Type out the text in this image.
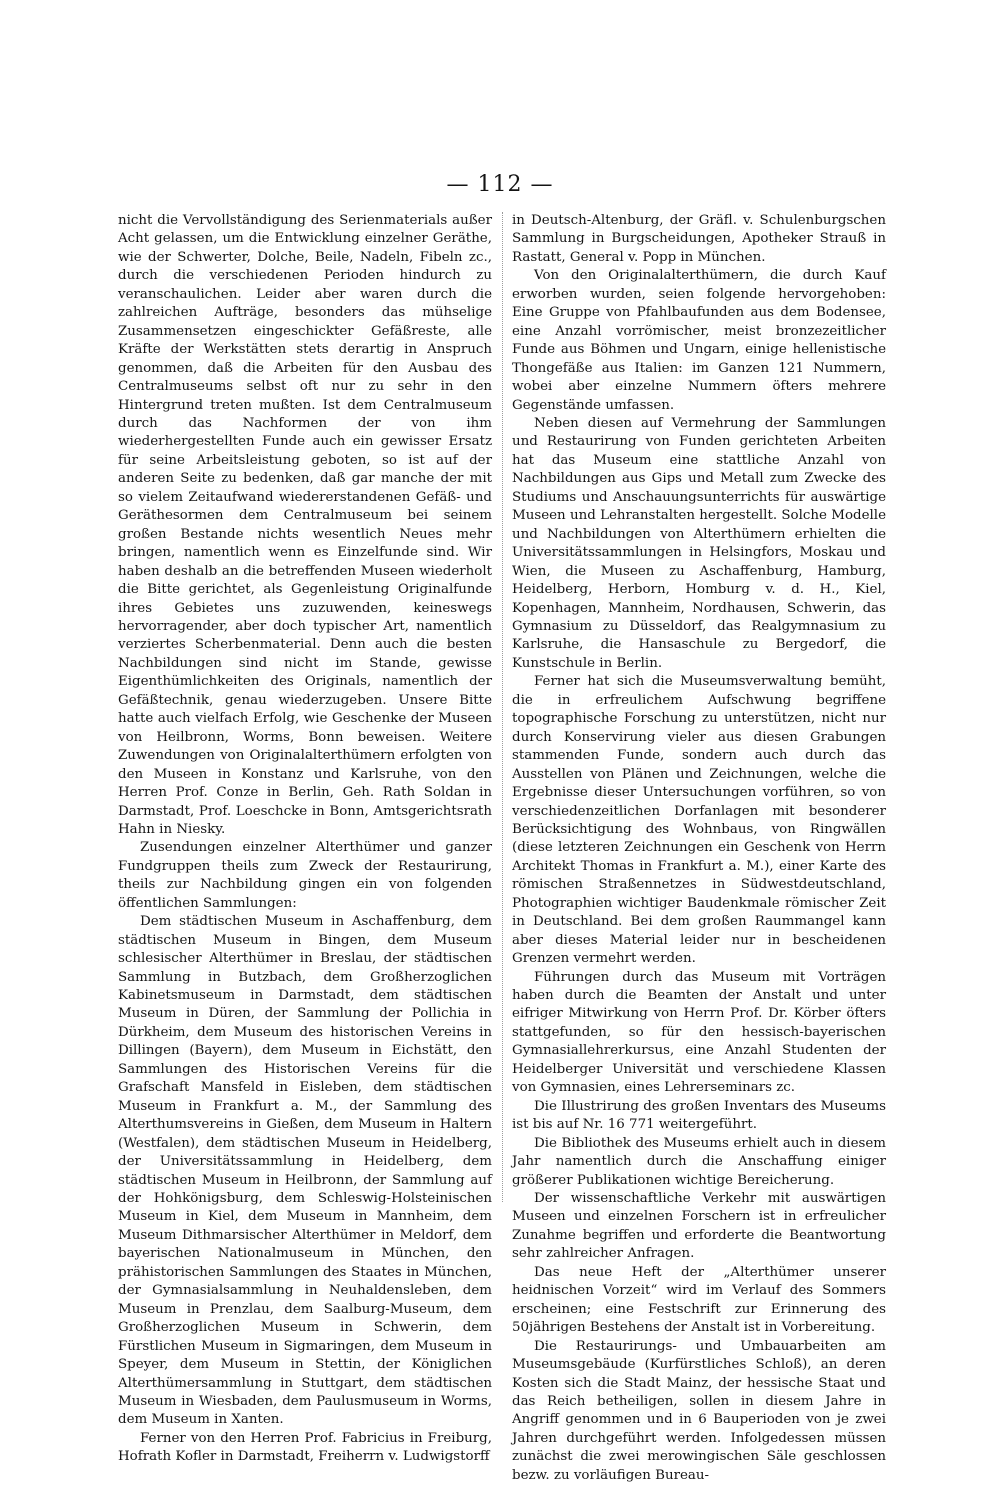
— 112 —

nicht die Vervollständigung des Serienmaterials außer Acht gelassen, um die Entwicklung einzelner Geräthe, wie der Schwerter, Dolche, Beile, Nadeln, Fibeln zc., durch die verschiedenen Perioden hindurch zu veranschaulichen. Leider aber waren durch die zahlreichen Aufträge, besonders das mühselige Zusammensetzen eingeschickter Gefäßreste, alle Kräfte der Werkstätten stets derartig in Anspruch genommen, daß die Arbeiten für den Ausbau des Centralmuseums selbst oft nur zu sehr in den Hintergrund treten mußten. Ist dem Centralmuseum durch das Nachformen der von ihm wiederhergestellten Funde auch ein gewisser Ersatz für seine Arbeitsleistung geboten, so ist auf der anderen Seite zu bedenken, daß gar manche der mit so vielem Zeitaufwand wiedererstandenen Gefäß- und Geräthesormen dem Centralmuseum bei seinem großen Bestande nichts wesentlich Neues mehr bringen, namentlich wenn es Einzelfunde sind. Wir haben deshalb an die betreffenden Museen wiederholt die Bitte gerichtet, als Gegenleistung Originalfunde ihres Gebietes uns zuzuwenden, keineswegs hervorragender, aber doch typischer Art, namentlich verziertes Scherbenmaterial. Denn auch die besten Nachbildungen sind nicht im Stande, gewisse Eigenthümlichkeiten des Originals, namentlich der Gefäßtechnik, genau wiederzugeben. Unsere Bitte hatte auch vielfach Erfolg, wie Geschenke der Museen von Heilbronn, Worms, Bonn beweisen. Weitere Zuwendungen von Originalalterthümern erfolgten von den Museen in Konstanz und Karlsruhe, von den Herren Prof. Conze in Berlin, Geh. Rath Soldan in Darmstadt, Prof. Loeschcke in Bonn, Amtsgerichtsrath Hahn in Niesky.

Zusendungen einzelner Alterthümer und ganzer Fundgruppen theils zum Zweck der Restaurirung, theils zur Nachbildung gingen ein von folgenden öffentlichen Sammlungen:

Dem städtischen Museum in Aschaffenburg, dem städtischen Museum in Bingen, dem Museum schlesischer Alterthümer in Breslau, der städtischen Sammlung in Butzbach, dem Großherzoglichen Kabinetsmuseum in Darmstadt, dem städtischen Museum in Düren, der Sammlung der Pollichia in Dürkheim, dem Museum des historischen Vereins in Dillingen (Bayern), dem Museum in Eichstätt, den Sammlungen des Historischen Vereins für die Grafschaft Mansfeld in Eisleben, dem städtischen Museum in Frankfurt a. M., der Sammlung des Alterthumsvereins in Gießen, dem Museum in Haltern (Westfalen), dem städtischen Museum in Heidelberg, der Universitätssammlung in Heidelberg, dem städtischen Museum in Heilbronn, der Sammlung auf der Hohkönigsburg, dem Schleswig-Holsteinischen Museum in Kiel, dem Museum in Mannheim, dem Museum Dithmarsischer Alterthümer in Meldorf, dem bayerischen Nationalmuseum in München, den prähistorischen Sammlungen des Staates in München, der Gymnasialsammlung in Neuhaldensleben, dem Museum in Prenzlau, dem Saalburg-Museum, dem Großherzoglichen Museum in Schwerin, dem Fürstlichen Museum in Sigmaringen, dem Museum in Speyer, dem Museum in Stettin, der Königlichen Alterthümersammlung in Stuttgart, dem städtischen Museum in Wiesbaden, dem Paulusmuseum in Worms, dem Museum in Xanten.

Ferner von den Herren Prof. Fabricius in Freiburg, Hofrath Kofler in Darmstadt, Freiherrn v. Ludwigstorff

in Deutsch-Altenburg, der Gräfl. v. Schulenburgschen Sammlung in Burgscheidungen, Apotheker Strauß in Rastatt, General v. Popp in München.

Von den Originalalterthümern, die durch Kauf erworben wurden, seien folgende hervorgehoben: Eine Gruppe von Pfahlbaufunden aus dem Bodensee, eine Anzahl vorrömischer, meist bronzezeitlicher Funde aus Böhmen und Ungarn, einige hellenistische Thongefäße aus Italien: im Ganzen 121 Nummern, wobei aber einzelne Nummern öfters mehrere Gegenstände umfassen.

Neben diesen auf Vermehrung der Sammlungen und Restaurirung von Funden gerichteten Arbeiten hat das Museum eine stattliche Anzahl von Nachbildungen aus Gips und Metall zum Zwecke des Studiums und Anschauungsunterrichts für auswärtige Museen und Lehranstalten hergestellt. Solche Modelle und Nachbildungen von Alterthümern erhielten die Universitätssammlungen in Helsingfors, Moskau und Wien, die Museen zu Aschaffenburg, Hamburg, Heidelberg, Herborn, Homburg v. d. H., Kiel, Kopenhagen, Mannheim, Nordhausen, Schwerin, das Gymnasium zu Düsseldorf, das Realgymnasium zu Karlsruhe, die Hansaschule zu Bergedorf, die Kunstschule in Berlin.

Ferner hat sich die Museumsverwaltung bemüht, die in erfreulichem Aufschwung begriffene topographische Forschung zu unterstützen, nicht nur durch Konservirung vieler aus diesen Grabungen stammenden Funde, sondern auch durch das Ausstellen von Plänen und Zeichnungen, welche die Ergebnisse dieser Untersuchungen vorführen, so von verschiedenzeitlichen Dorfanlagen mit besonderer Berücksichtigung des Wohnbaus, von Ringwällen (diese letzteren Zeichnungen ein Geschenk von Herrn Architekt Thomas in Frankfurt a. M.), einer Karte des römischen Straßennetzes in Südwestdeutschland, Photographien wichtiger Baudenkmale römischer Zeit in Deutschland. Bei dem großen Raummangel kann aber dieses Material leider nur in bescheidenen Grenzen vermehrt werden.

Führungen durch das Museum mit Vorträgen haben durch die Beamten der Anstalt und unter eifriger Mitwirkung von Herrn Prof. Dr. Körber öfters stattgefunden, so für den hessisch-bayerischen Gymnasiallehrerkursus, eine Anzahl Studenten der Heidelberger Universität und verschiedene Klassen von Gymnasien, eines Lehrerseminars zc.

Die Illustrirung des großen Inventars des Museums ist bis auf Nr. 16 771 weitergeführt.

Die Bibliothek des Museums erhielt auch in diesem Jahr namentlich durch die Anschaffung einiger größerer Publikationen wichtige Bereicherung.

Der wissenschaftliche Verkehr mit auswärtigen Museen und einzelnen Forschern ist in erfreulicher Zunahme begriffen und erforderte die Beantwortung sehr zahlreicher Anfragen.

Das neue Heft der „Alterthümer unserer heidnischen Vorzeit“ wird im Verlauf des Sommers erscheinen; eine Festschrift zur Erinnerung des 50jährigen Bestehens der Anstalt ist in Vorbereitung.

Die Restaurirungs- und Umbauarbeiten am Museumsgebäude (Kurfürstliches Schloß), an deren Kosten sich die Stadt Mainz, der hessische Staat und das Reich betheiligen, sollen in diesem Jahre in Angriff genommen und in 6 Bauperioden von je zwei Jahren durchgeführt werden. Infolgedessen müssen zunächst die zwei merowingischen Säle geschlossen bezw. zu vorläufigen Bureau-
